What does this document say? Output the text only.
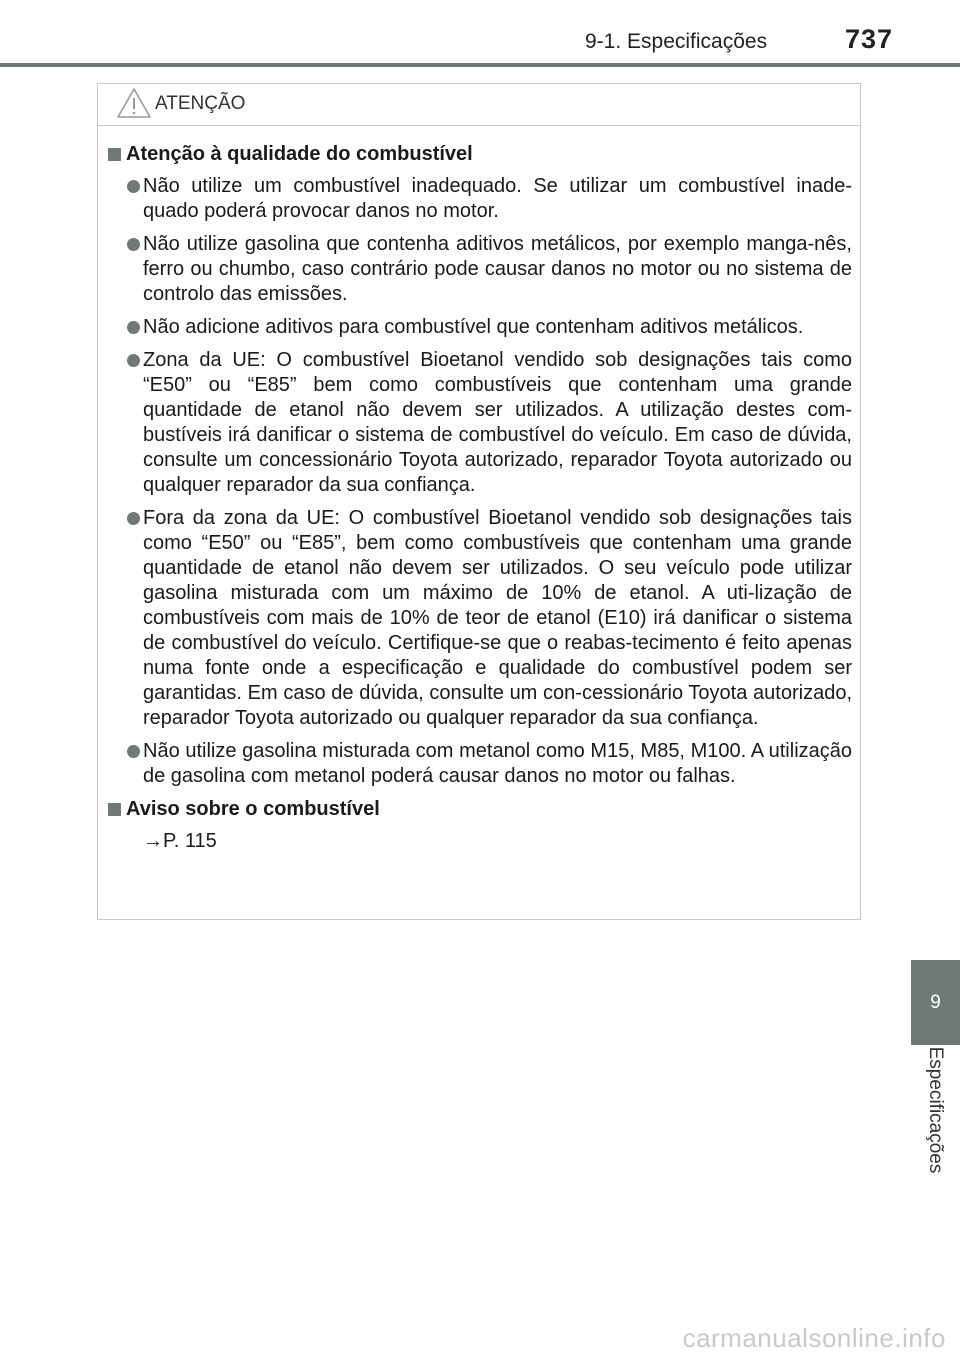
9-1. Especificações	737
ATENÇÃO
Atenção à qualidade do combustível
Não utilize um combustível inadequado. Se utilizar um combustível inade-quado poderá provocar danos no motor.
Não utilize gasolina que contenha aditivos metálicos, por exemplo manga-nês, ferro ou chumbo, caso contrário pode causar danos no motor ou no sistema de controlo das emissões.
Não adicione aditivos para combustível que contenham aditivos metálicos.
Zona da UE: O combustível Bioetanol vendido sob designações tais como “E50” ou “E85” bem como combustíveis que contenham uma grande quantidade de etanol não devem ser utilizados. A utilização destes com-bustíveis irá danificar o sistema de combustível do veículo. Em caso de dúvida, consulte um concessionário Toyota autorizado, reparador Toyota autorizado ou qualquer reparador da sua confiança.
Fora da zona da UE: O combustível Bioetanol vendido sob designações tais como “E50” ou “E85”, bem como combustíveis que contenham uma grande quantidade de etanol não devem ser utilizados. O seu veículo pode utilizar gasolina misturada com um máximo de 10% de etanol. A uti-lização de combustíveis com mais de 10% de teor de etanol (E10) irá danificar o sistema de combustível do veículo. Certifique-se que o reabas-tecimento é feito apenas numa fonte onde a especificação e qualidade do combustível podem ser garantidas. Em caso de dúvida, consulte um con-cessionário Toyota autorizado, reparador Toyota autorizado ou qualquer reparador da sua confiança.
Não utilize gasolina misturada com metanol como M15, M85, M100. A utilização de gasolina com metanol poderá causar danos no motor ou falhas.
Aviso sobre o combustível
→P. 115
9
Especificações
carmanualsonline.info
